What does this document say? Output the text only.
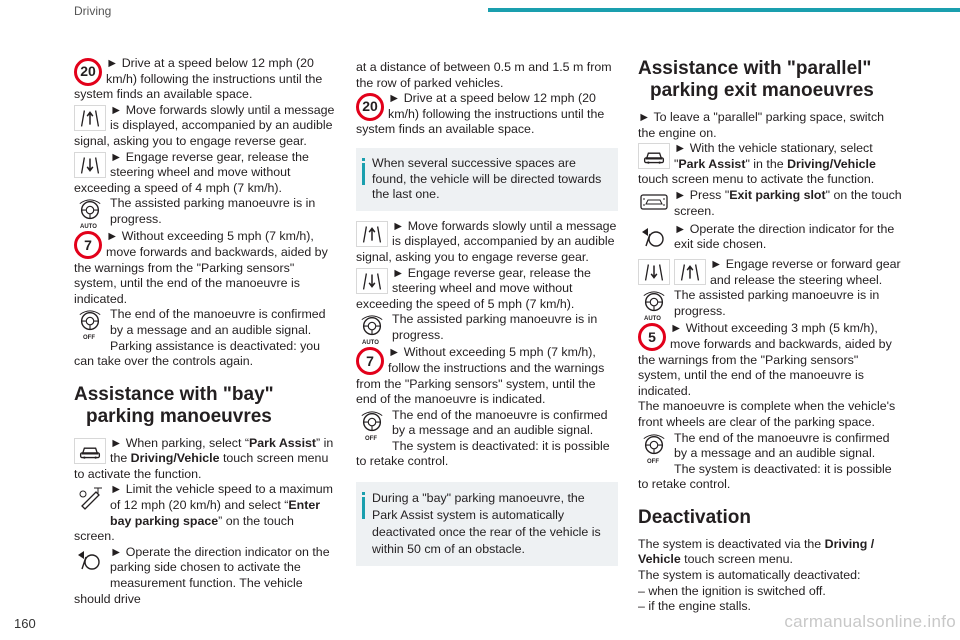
Driving
20

► Drive at a speed below 12 mph (20 km/h) following the instructions until the system finds an available space.

► Move forwards slowly until a message is displayed, accompanied by an audible signal, asking you to engage reverse gear.

► Engage reverse gear, release the steering wheel and move without exceeding a speed of 4 mph (7 km/h).

AUTO

The assisted parking manoeuvre is in progress.

7

► Without exceeding 5 mph (7 km/h), move forwards and backwards, aided by the warnings from the "Parking sensors" system, until the end of the manoeuvre is indicated.

OFF

The end of the manoeuvre is confirmed by a message and an audible signal.

Parking assistance is deactivated: you can take over the controls again.

Assistance with "bay"
parking manoeuvres

► When parking, select “Park Assist” in the Driving/Vehicle touch screen menu to activate the function.

► Limit the vehicle speed to a maximum of 12 mph (20 km/h) and select “Enter bay parking space” on the touch screen.

► Operate the direction indicator on the parking side chosen to activate the measurement function. The vehicle should drive

at a distance of between 0.5 m and 1.5 m from the row of parked vehicles.

20

► Drive at a speed below 12 mph (20 km/h) following the instructions until the system finds an available space.

When several successive spaces are found, the vehicle will be directed towards the last one.

► Move forwards slowly until a message is displayed, accompanied by an audible signal, asking you to engage reverse gear.

► Engage reverse gear, release the steering wheel and move without exceeding the speed of 5 mph (7 km/h).

AUTO

The assisted parking manoeuvre is in progress.

7

► Without exceeding 5 mph (7 km/h), follow the instructions and the warnings from the "Parking sensors" system, until the end of the manoeuvre is indicated.

OFF

The end of the manoeuvre is confirmed by a message and an audible signal.

The system is deactivated: it is possible to retake control.

During a "bay" parking manoeuvre, the Park Assist system is automatically deactivated once the rear of the vehicle is within 50 cm of an obstacle.
Assistance with "parallel"
parking exit manoeuvres

► To leave a "parallel" parking space, switch the engine on.

► With the vehicle stationary, select "Park Assist" in the Driving/Vehicle touch screen menu to activate the function.

► Press "Exit parking slot" on the touch screen.

► Operate the direction indicator for the exit side chosen.

► Engage reverse or forward gear and release the steering wheel.

AUTO

The assisted parking manoeuvre is in progress.

5

► Without exceeding 3 mph (5 km/h), move forwards and backwards, aided by the warnings from the "Parking sensors" system, until the end of the manoeuvre is indicated.

The manoeuvre is complete when the vehicle's front wheels are clear of the parking space.

OFF

The end of the manoeuvre is confirmed by a message and an audible signal.

The system is deactivated: it is possible to retake control.

Deactivation

The system is deactivated via the Driving / Vehicle touch screen menu.

The system is automatically deactivated:

– when the ignition is switched off.

– if the engine stalls.

160	carmanualsonline.info
